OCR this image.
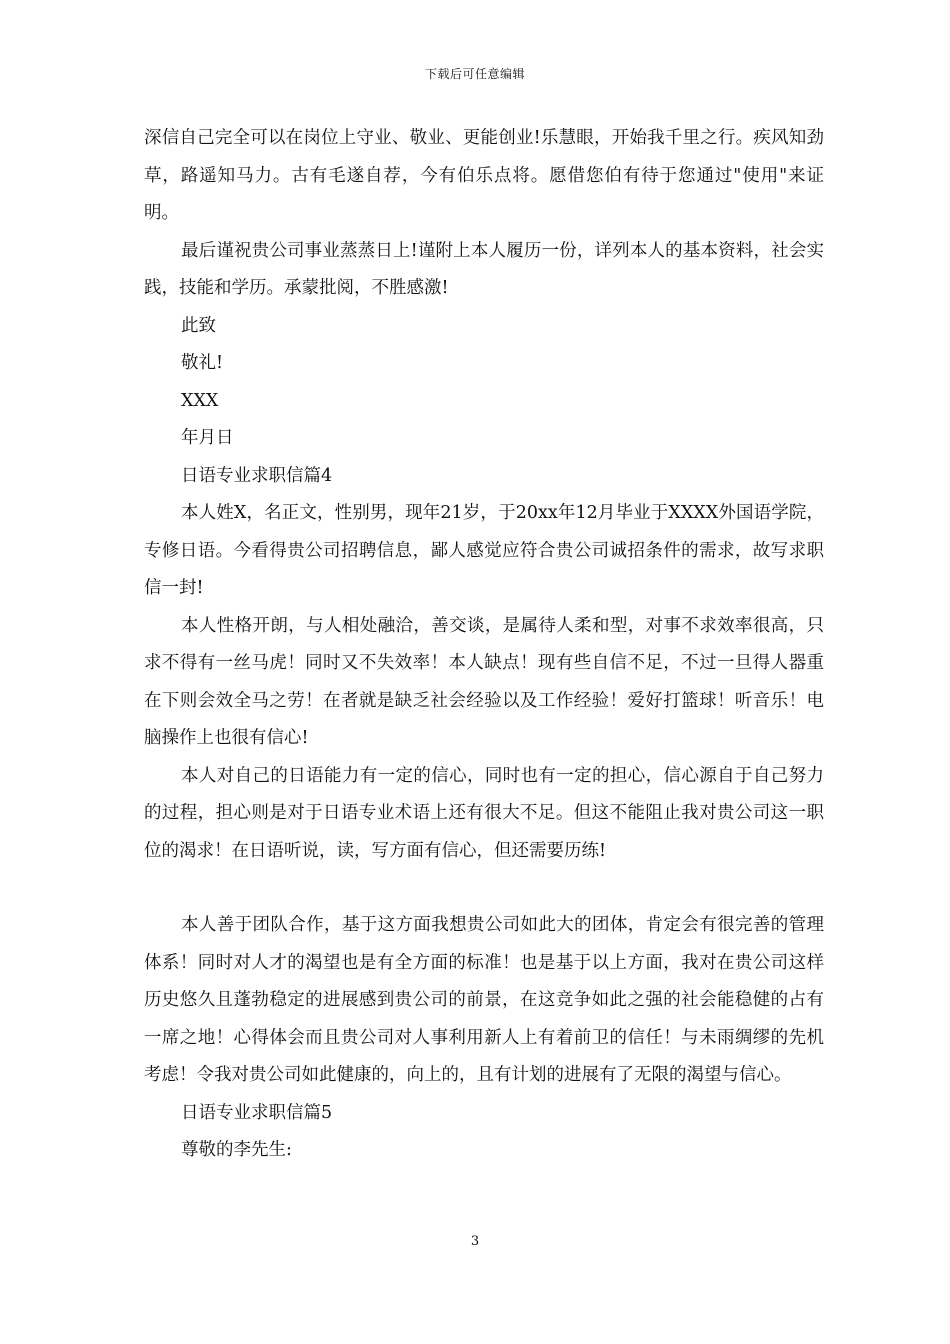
下载后可任意编辑

深信自己完全可以在岗位上守业、敬业、更能创业!乐慧眼，开始我千里之行。疾风知劲草，路遥知马力。古有毛遂自荐，今有伯乐点将。愿借您伯有待于您通过"使用"来证明。

最后谨祝贵公司事业蒸蒸日上!谨附上本人履历一份，详列本人的基本资料，社会实践，技能和学历。承蒙批阅，不胜感激!

此致

敬礼!

XXX

年月日

日语专业求职信篇4

本人姓X，名正文，性别男，现年21岁，于20xx年12月毕业于XXXX外国语学院，专修日语。今看得贵公司招聘信息，鄙人感觉应符合贵公司诚招条件的需求，故写求职信一封!

本人性格开朗，与人相处融洽，善交谈，是属待人柔和型，对事不求效率很高，只求不得有一丝马虎！同时又不失效率！本人缺点！现有些自信不足，不过一旦得人器重在下则会效全马之劳！在者就是缺乏社会经验以及工作经验！爱好打篮球！听音乐！电脑操作上也很有信心!

本人对自己的日语能力有一定的信心，同时也有一定的担心，信心源自于自己努力的过程，担心则是对于日语专业术语上还有很大不足。但这不能阻止我对贵公司这一职位的渴求！在日语听说，读，写方面有信心，但还需要历练!

本人善于团队合作，基于这方面我想贵公司如此大的团体，肯定会有很完善的管理体系！同时对人才的渴望也是有全方面的标准！也是基于以上方面，我对在贵公司这样历史悠久且蓬勃稳定的进展感到贵公司的前景，在这竞争如此之强的社会能稳健的占有一席之地！心得体会而且贵公司对人事利用新人上有着前卫的信任！与未雨绸缪的先机考虑！令我对贵公司如此健康的，向上的，且有计划的进展有了无限的渴望与信心。

日语专业求职信篇5

尊敬的李先生:

3
